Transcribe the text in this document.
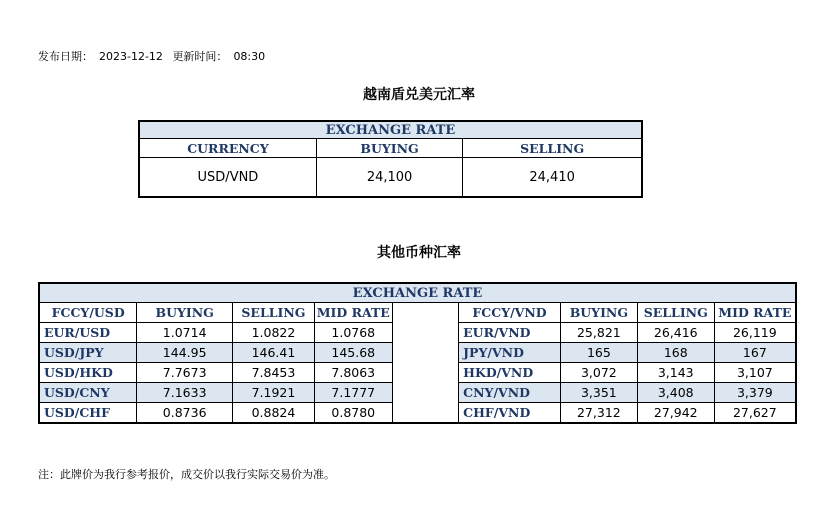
发布日期： 2023-12-12 更新时间： 08:30
越南盾兑美元汇率
EXCHANGE RATE		
CURRENCY	BUYING	SELLING
USD/VND	24,100	24,410
其他币种汇率
EXCHANGE RATE								
FCCY/USD	BUYING	SELLING	MID RATE		FCCY/VND	BUYING	SELLING	MID RATE
EUR/USD	1.0714	1.0822	1.0768		EUR/VND	25,821	26,416	26,119
USD/JPY	144.95	146.41	145.68		JPY/VND	165	168	167
USD/HKD	7.7673	7.8453	7.8063		HKD/VND	3,072	3,143	3,107
USD/CNY	7.1633	7.1921	7.1777		CNY/VND	3,351	3,408	3,379
USD/CHF	0.8736	0.8824	0.8780		CHF/VND	27,312	27,942	27,627
注：此牌价为我行参考报价，成交价以我行实际交易价为准。
